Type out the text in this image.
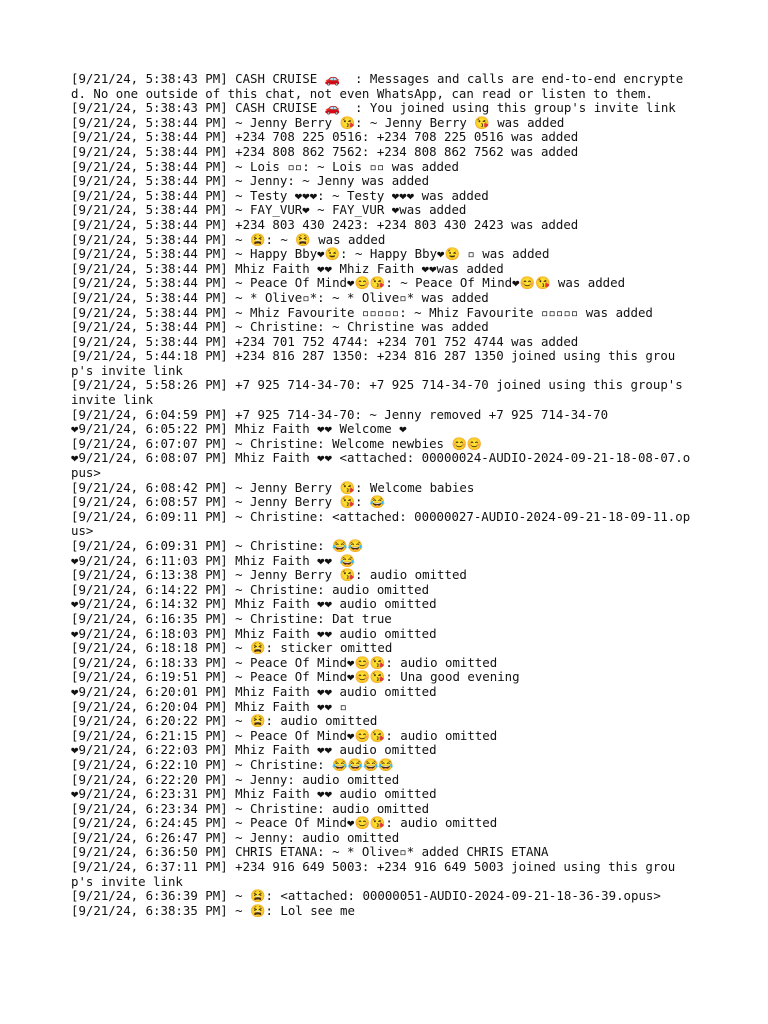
[9/21/24, 5:38:43 PM] CASH CRUISE 🚗  : Messages and calls are end-to-end encrypted. No one outside of this chat, not even WhatsApp, can read or listen to them.
[9/21/24, 5:38:43 PM] CASH CRUISE 🚗  : You joined using this group's invite link
[9/21/24, 5:38:44 PM] ~ Jenny Berry 😘: ~ Jenny Berry 😘 was added
[9/21/24, 5:38:44 PM] +234 708 225 0516: +234 708 225 0516 was added
[9/21/24, 5:38:44 PM] +234 808 862 7562: +234 808 862 7562 was added
[9/21/24, 5:38:44 PM] ~ Lois ▫▫: ~ Lois ▫▫ was added
[9/21/24, 5:38:44 PM] ~ Jenny: ~ Jenny was added
[9/21/24, 5:38:44 PM] ~ Testy ❤❤❤: ~ Testy ❤❤❤ was added
[9/21/24, 5:38:44 PM] ~ FAY_VUR❤ ~ FAY_VUR ❤was added
[9/21/24, 5:38:44 PM] +234 803 430 2423: +234 803 430 2423 was added
[9/21/24, 5:38:44 PM] ~ 😫: ~ 😫 was added
[9/21/24, 5:38:44 PM] ~ Happy Bby❤😉: ~ Happy Bby❤😉 ▫ was added
[9/21/24, 5:38:44 PM] Mhiz Faith ❤❤ Mhiz Faith ❤❤was added
[9/21/24, 5:38:44 PM] ~ Peace Of Mind❤😊😘: ~ Peace Of Mind❤😊😘 was added
[9/21/24, 5:38:44 PM] ~ * Olive▫*: ~ * Olive▫* was added
[9/21/24, 5:38:44 PM] ~ Mhiz Favourite ▫▫▫▫▫: ~ Mhiz Favourite ▫▫▫▫▫ was added
[9/21/24, 5:38:44 PM] ~ Christine: ~ Christine was added
[9/21/24, 5:38:44 PM] +234 701 752 4744: +234 701 752 4744 was added
[9/21/24, 5:44:18 PM] +234 816 287 1350: +234 816 287 1350 joined using this group's invite link
[9/21/24, 5:58:26 PM] +7 925 714-34-70: +7 925 714-34-70 joined using this group's invite link
[9/21/24, 6:04:59 PM] +7 925 714-34-70: ~ Jenny removed +7 925 714-34-70
❤9/21/24, 6:05:22 PM] Mhiz Faith ❤❤ Welcome ❤
[9/21/24, 6:07:07 PM] ~ Christine: Welcome newbies 😊😊
❤9/21/24, 6:08:07 PM] Mhiz Faith ❤❤ <attached: 00000024-AUDIO-2024-09-21-18-08-07.opus>
[9/21/24, 6:08:42 PM] ~ Jenny Berry 😘: Welcome babies
[9/21/24, 6:08:57 PM] ~ Jenny Berry 😘: 😂
[9/21/24, 6:09:11 PM] ~ Christine: <attached: 00000027-AUDIO-2024-09-21-18-09-11.opus>
[9/21/24, 6:09:31 PM] ~ Christine: 😂😂
❤9/21/24, 6:11:03 PM] Mhiz Faith ❤❤ 😂
[9/21/24, 6:13:38 PM] ~ Jenny Berry 😘: audio omitted
[9/21/24, 6:14:22 PM] ~ Christine: audio omitted
❤9/21/24, 6:14:32 PM] Mhiz Faith ❤❤ audio omitted
[9/21/24, 6:16:35 PM] ~ Christine: Dat true
❤9/21/24, 6:18:03 PM] Mhiz Faith ❤❤ audio omitted
[9/21/24, 6:18:18 PM] ~ 😫: sticker omitted
[9/21/24, 6:18:33 PM] ~ Peace Of Mind❤😊😘: audio omitted
[9/21/24, 6:19:51 PM] ~ Peace Of Mind❤😊😘: Una good evening
❤9/21/24, 6:20:01 PM] Mhiz Faith ❤❤ audio omitted
[9/21/24, 6:20:04 PM] Mhiz Faith ❤❤ ▫
[9/21/24, 6:20:22 PM] ~ 😫: audio omitted
[9/21/24, 6:21:15 PM] ~ Peace Of Mind❤😊😘: audio omitted
❤9/21/24, 6:22:03 PM] Mhiz Faith ❤❤ audio omitted
[9/21/24, 6:22:10 PM] ~ Christine: 😂😂😂😂
[9/21/24, 6:22:20 PM] ~ Jenny: audio omitted
❤9/21/24, 6:23:31 PM] Mhiz Faith ❤❤ audio omitted
[9/21/24, 6:23:34 PM] ~ Christine: audio omitted
[9/21/24, 6:24:45 PM] ~ Peace Of Mind❤😊😘: audio omitted
[9/21/24, 6:26:47 PM] ~ Jenny: audio omitted
[9/21/24, 6:36:50 PM] CHRIS ETANA: ~ * Olive▫* added CHRIS ETANA
[9/21/24, 6:37:11 PM] +234 916 649 5003: +234 916 649 5003 joined using this group's invite link
[9/21/24, 6:36:39 PM] ~ 😫: <attached: 00000051-AUDIO-2024-09-21-18-36-39.opus>
[9/21/24, 6:38:35 PM] ~ 😫: Lol see me
